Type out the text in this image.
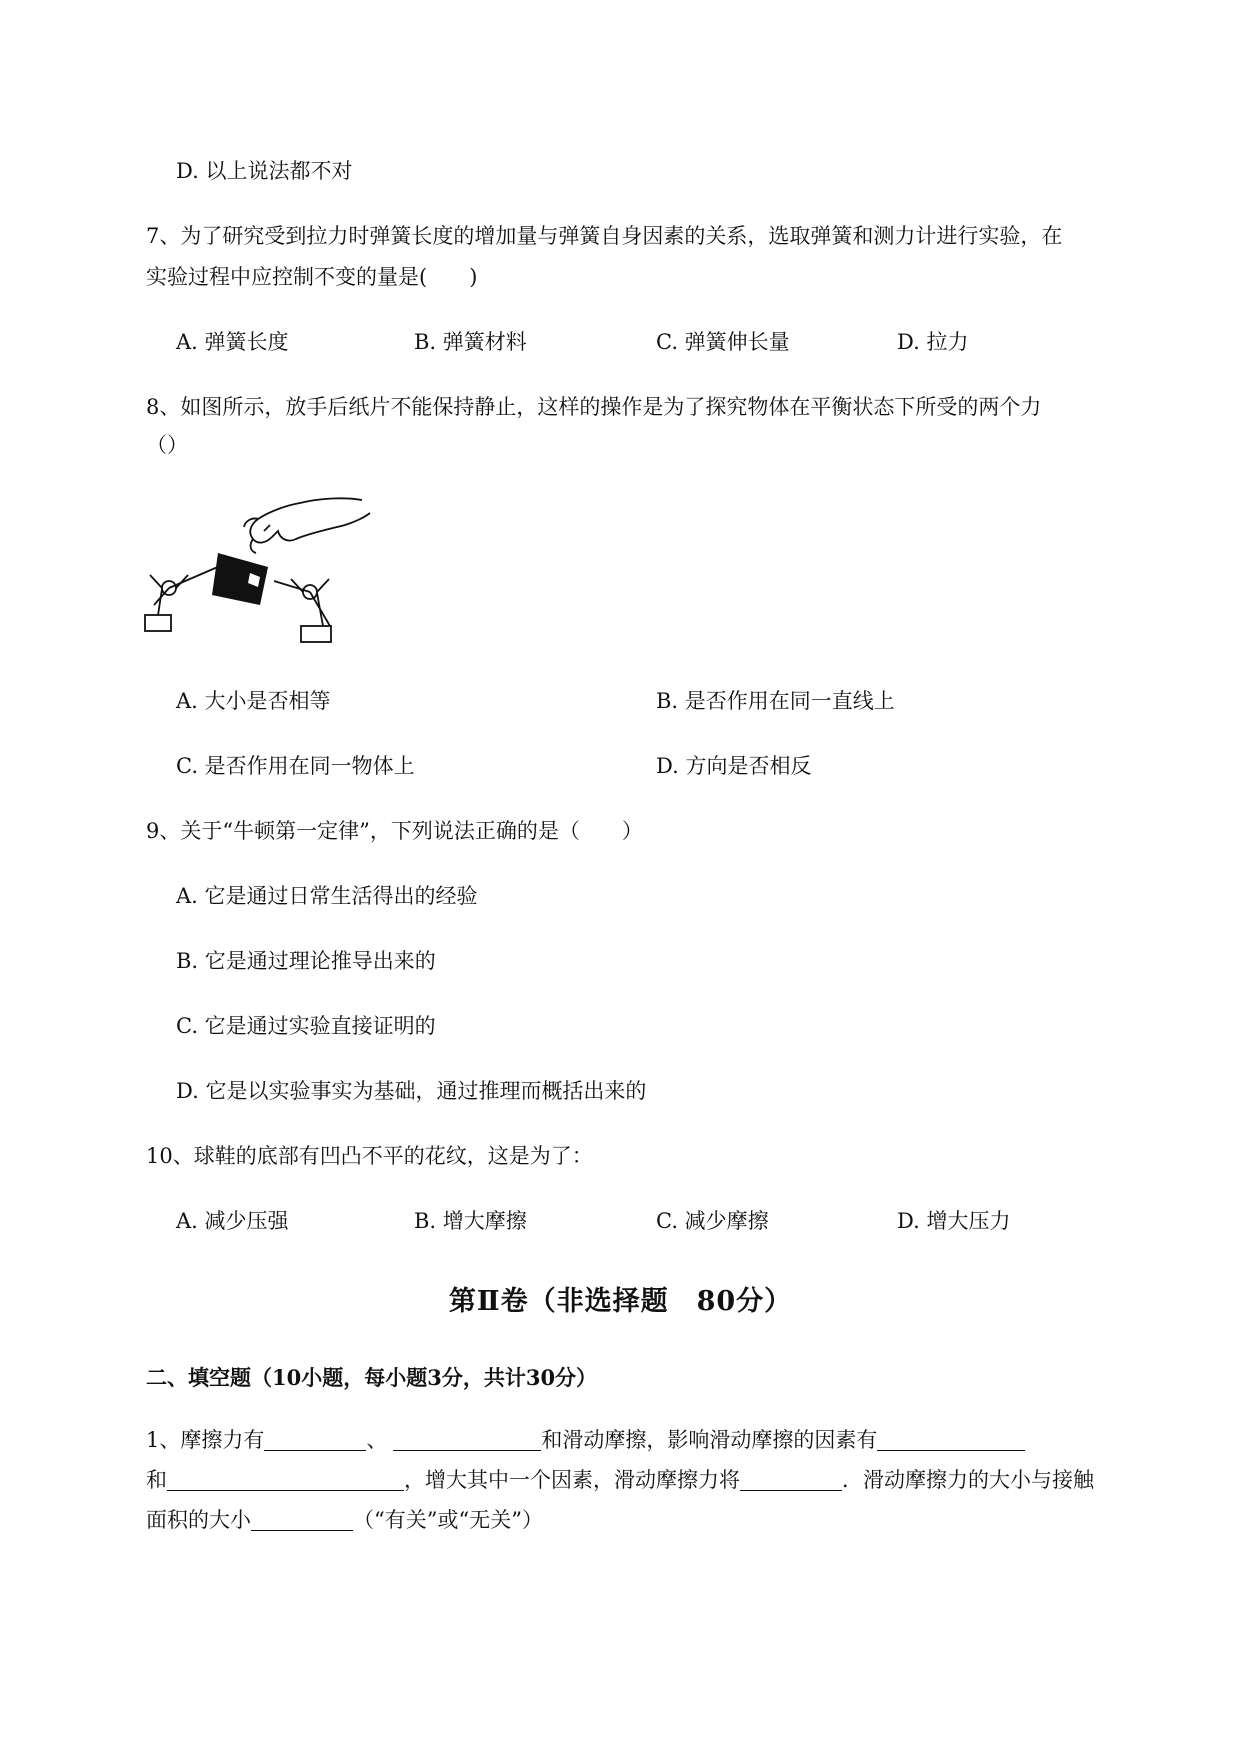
D. 以上说法都不对
7、为了研究受到拉力时弹簧长度的增加量与弹簧自身因素的关系，选取弹簧和测力计进行实验，在
实验过程中应控制不变的量是(　　)
A. 弹簧长度	B. 弹簧材料	C. 弹簧伸长量	D. 拉力
8、如图所示，放手后纸片不能保持静止，这样的操作是为了探究物体在平衡状态下所受的两个力
（）
A. 大小是否相等	B. 是否作用在同一直线上
C. 是否作用在同一物体上	D. 方向是否相反
9、关于“牛顿第一定律”，下列说法正确的是（　　）
A. 它是通过日常生活得出的经验
B. 它是通过理论推导出来的
C. 它是通过实验直接证明的
D. 它是以实验事实为基础，通过推理而概括出来的
10、球鞋的底部有凹凸不平的花纹，这是为了：
A. 减少压强	B. 增大摩擦	C. 减少摩擦	D. 增大压力
第Ⅱ卷（非选择题　80分）
二、填空题（10小题，每小题3分，共计30分）
1、摩擦力有	、	和滑动摩擦，影响滑动摩擦的因素有
和	，增大其中一个因素，滑动摩擦力将	．滑动摩擦力的大小与接触
面积的大小	（“有关”或“无关”）
